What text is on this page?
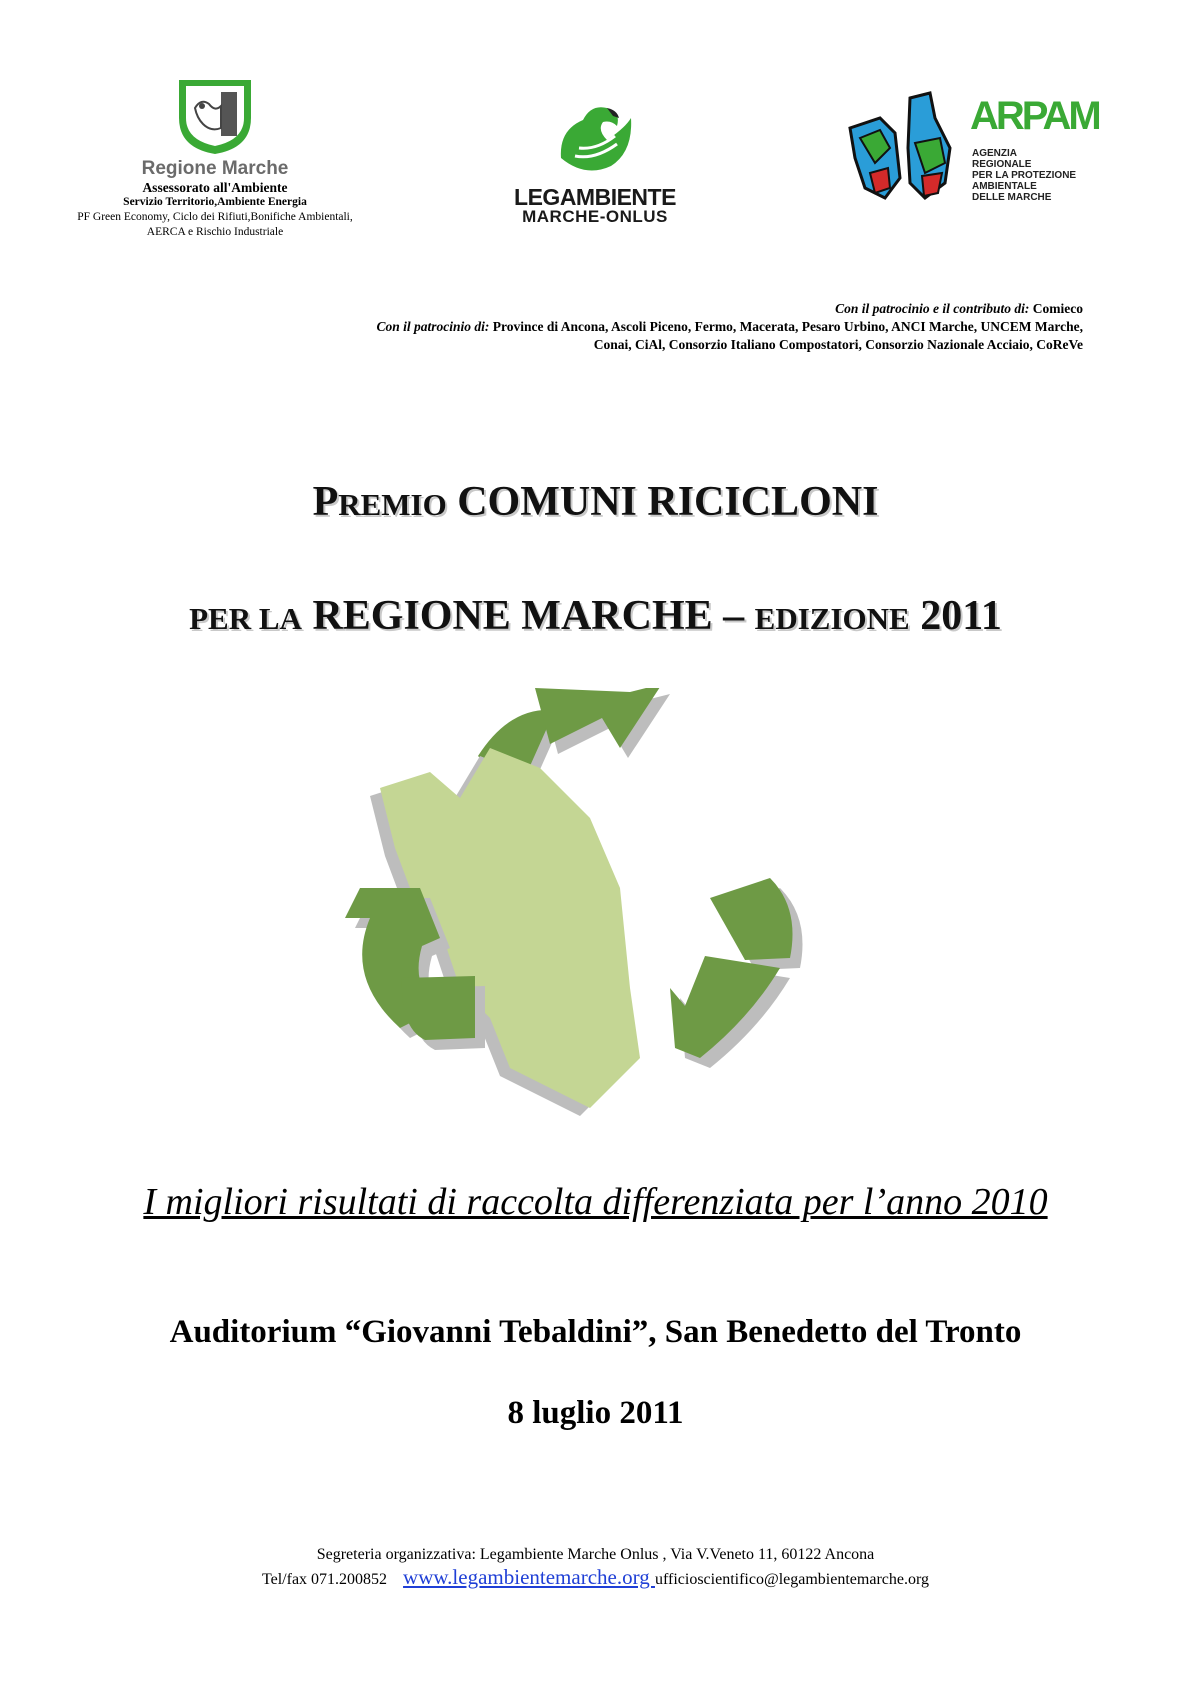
Regione Marche
Assessorato all'Ambiente
Servizio Territorio,Ambiente Energia
PF Green Economy, Ciclo dei Rifiuti,Bonifiche Ambientali,
AERCA e Rischio Industriale
LEGAMBIENTE
MARCHE-ONLUS
ARPAM
AGENZIA
REGIONALE
PER LA PROTEZIONE
AMBIENTALE
DELLE MARCHE
Con il patrocinio e il contributo di: Comieco
Con il patrocinio di: Province di Ancona, Ascoli Piceno, Fermo, Macerata, Pesaro Urbino, ANCI Marche, UNCEM Marche,
Conai, CiAl, Consorzio Italiano Compostatori, Consorzio Nazionale Acciaio, CoReVe
PREMIO COMUNI RICICLONI
PER LA REGIONE MARCHE – EDIZIONE 2011
I migliori risultati di raccolta differenziata per l’anno 2010
Auditorium “Giovanni Tebaldini”, San Benedetto del Tronto
8 luglio 2011
Segreteria organizzativa: Legambiente Marche Onlus , Via V.Veneto 11, 60122 Ancona
Tel/fax 071.200852 www.legambientemarche.org ufficioscientifico@legambientemarche.org
